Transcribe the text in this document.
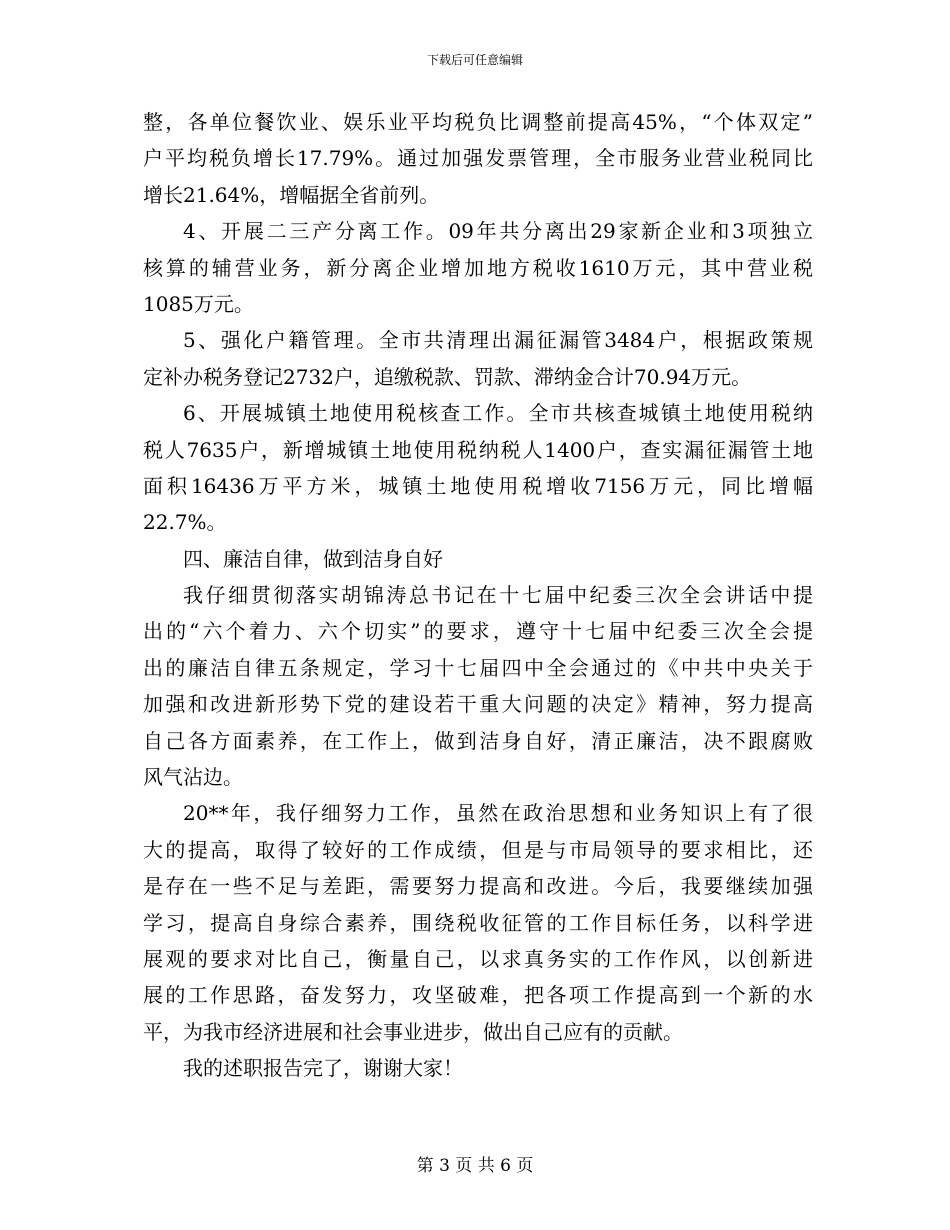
下载后可任意编辑
整，各单位餐饮业、娱乐业平均税负比调整前提高45%，“个体双定”
户平均税负增长17.79%。通过加强发票管理，全市服务业营业税同比
增长21.64%，增幅据全省前列。
4、开展二三产分离工作。09年共分离出29家新企业和3项独立
核算的辅营业务，新分离企业增加地方税收1610万元，其中营业税
1085万元。
5、强化户籍管理。全市共清理出漏征漏管3484户，根据政策规
定补办税务登记2732户，追缴税款、罚款、滞纳金合计70.94万元。
6、开展城镇土地使用税核查工作。全市共核查城镇土地使用税纳
税人7635户，新增城镇土地使用税纳税人1400户，查实漏征漏管土地
面积16436万平方米，城镇土地使用税增收7156万元，同比增幅
22.7%。
四、廉洁自律，做到洁身自好
我仔细贯彻落实胡锦涛总书记在十七届中纪委三次全会讲话中提
出的“六个着力、六个切实”的要求，遵守十七届中纪委三次全会提
出的廉洁自律五条规定，学习十七届四中全会通过的《中共中央关于
加强和改进新形势下党的建设若干重大问题的决定》精神，努力提高
自己各方面素养，在工作上，做到洁身自好，清正廉洁，决不跟腐败
风气沾边。
20**年，我仔细努力工作，虽然在政治思想和业务知识上有了很
大的提高，取得了较好的工作成绩，但是与市局领导的要求相比，还
是存在一些不足与差距，需要努力提高和改进。今后，我要继续加强
学习，提高自身综合素养，围绕税收征管的工作目标任务，以科学进
展观的要求对比自己，衡量自己，以求真务实的工作作风，以创新进
展的工作思路，奋发努力，攻坚破难，把各项工作提高到一个新的水
平，为我市经济进展和社会事业进步，做出自己应有的贡献。
我的述职报告完了，谢谢大家！
第 3 页 共 6 页
